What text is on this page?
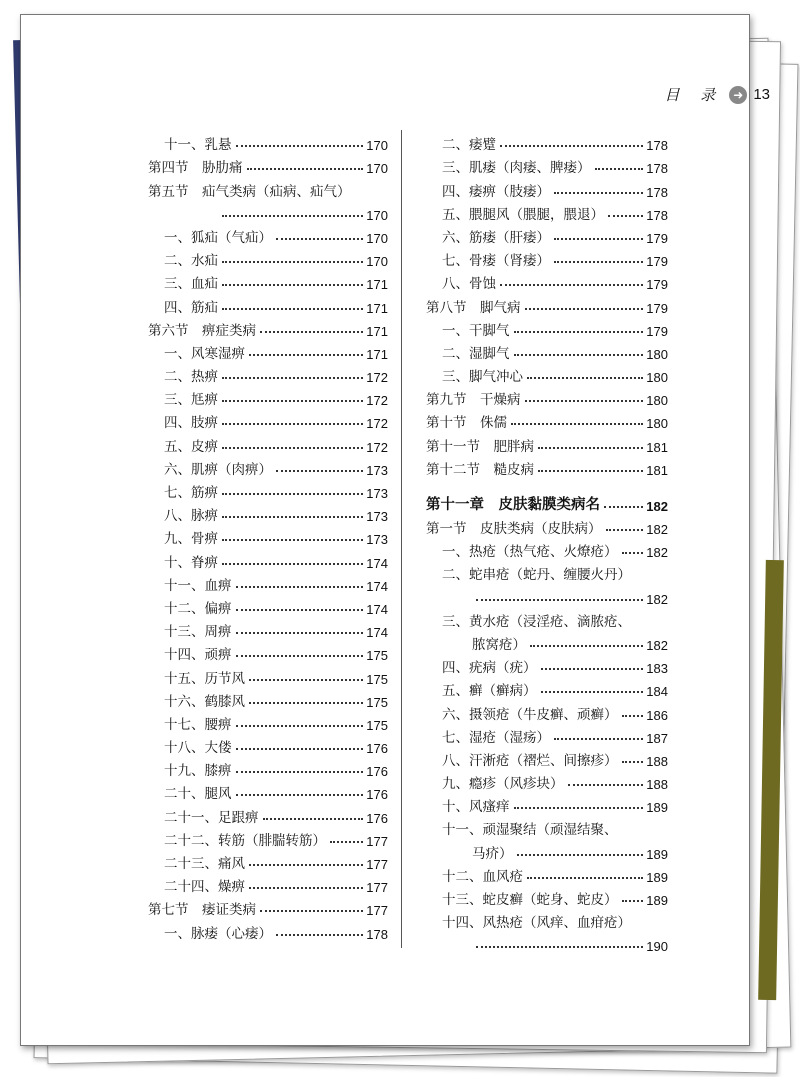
目 录 ➜ 13
十一、乳悬	170
第四节　胁肋痛	170
第五节　疝气类病（疝病、疝气）
170
一、狐疝（气疝）	170
二、水疝	170
三、血疝	171
四、筋疝	171
第六节　痹症类病	171
一、风寒湿痹	171
二、热痹	172
三、尪痹	172
四、肢痹	172
五、皮痹	172
六、肌痹（肉痹）	173
七、筋痹	173
八、脉痹	173
九、骨痹	173
十、脊痹	174
十一、血痹	174
十二、偏痹	174
十三、周痹	174
十四、顽痹	175
十五、历节风	175
十六、鹤膝风	175
十七、腰痹	175
十八、大偻	176
十九、膝痹	176
二十、腿风	176
二十一、足跟痹	176
二十二、转筋（腓腨转筋）	177
二十三、痛风	177
二十四、燥痹	177
第七节　痿证类病	177
一、脉痿（心痿）	178
二、痿躄	178
三、肌痿（肉痿、脾痿）	178
四、痿痹（肢痿）	178
五、腲腿风（腲腿，腲退）	178
六、筋痿（肝痿）	179
七、骨痿（肾痿）	179
八、骨蚀	179
第八节　脚气病	179
一、干脚气	179
二、湿脚气	180
三、脚气冲心	180
第九节　干燥病	180
第十节　侏儒	180
第十一节　肥胖病	181
第十二节　糙皮病	181
第十一章　皮肤黏膜类病名	182
第一节　皮肤类病（皮肤病）	182
一、热疮（热气疮、火燎疮） 182
二、蛇串疮（蛇丹、缠腰火丹）
182
三、黄水疮（浸淫疮、滴脓疮、
脓窝疮）	182
四、疣病（疣）	183
五、癣（癣病）	184
六、摄领疮（牛皮癣、顽癣） 186
七、湿疮（湿疡）	187
八、汗淅疮（褶烂、间擦疹） 188
九、瘾疹（风疹块）	188
十、风瘙痒	189
十一、顽湿聚结（顽湿结聚、
马疥）	189
十二、血风疮	189
十三、蛇皮癣（蛇身、蛇皮） 189
十四、风热疮（风痒、血疳疮）
190
